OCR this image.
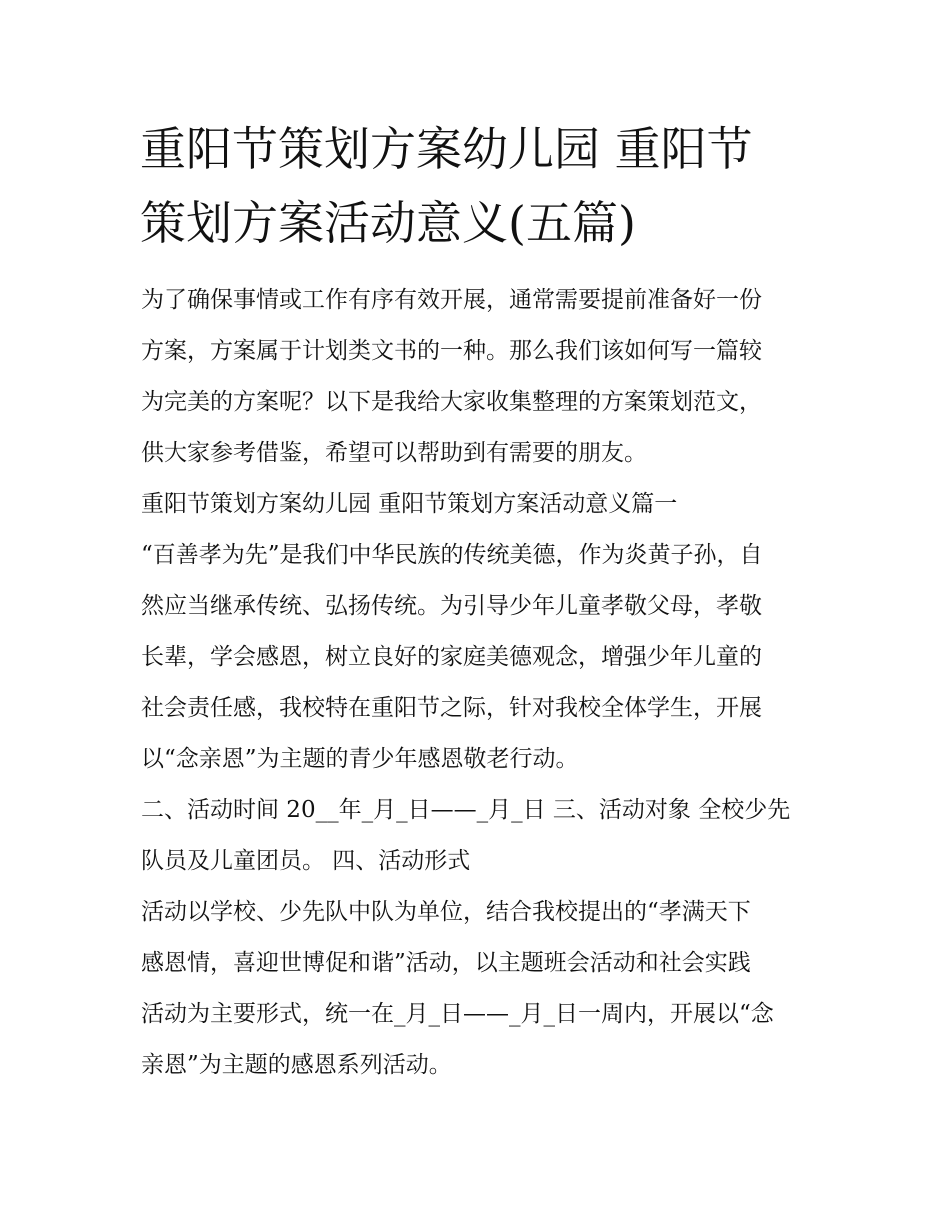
重阳节策划方案幼儿园 重阳节
策划方案活动意义(五篇)

为了确保事情或工作有序有效开展，通常需要提前准备好一份

方案，方案属于计划类文书的一种。那么我们该如何写一篇较

为完美的方案呢？以下是我给大家收集整理的方案策划范文，

供大家参考借鉴，希望可以帮助到有需要的朋友。

重阳节策划方案幼儿园 重阳节策划方案活动意义篇一

“百善孝为先”是我们中华民族的传统美德，作为炎黄子孙，自

然应当继承传统、弘扬传统。为引导少年儿童孝敬父母，孝敬

长辈，学会感恩，树立良好的家庭美德观念，增强少年儿童的

社会责任感，我校特在重阳节之际，针对我校全体学生，开展

以“念亲恩”为主题的青少年感恩敬老行动。

二、活动时间 20__年_月_日——_月_日 三、活动对象 全校少先

队员及儿童团员。 四、活动形式

活动以学校、少先队中队为单位，结合我校提出的“孝满天下

感恩情，喜迎世博促和谐”活动，以主题班会活动和社会实践

活动为主要形式，统一在_月_日——_月_日一周内，开展以“念

亲恩”为主题的感恩系列活动。
